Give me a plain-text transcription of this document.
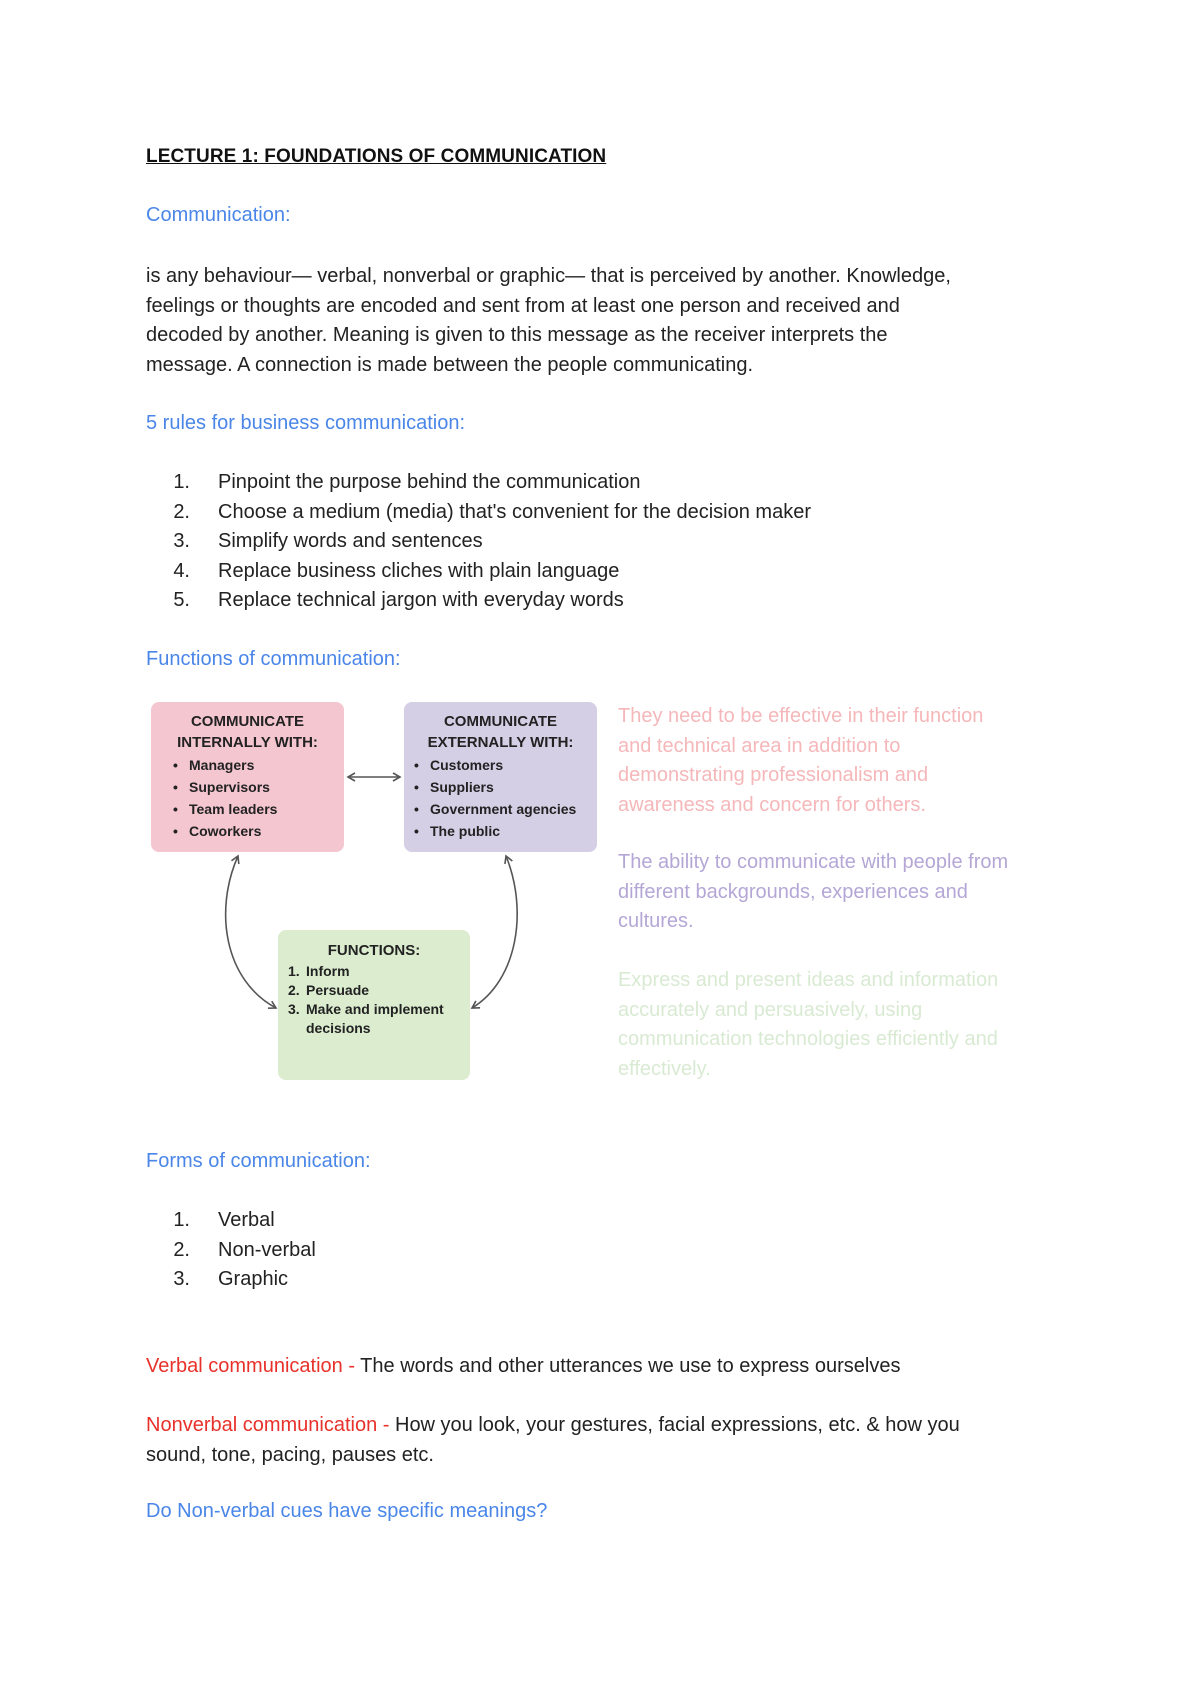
LECTURE 1: FOUNDATIONS OF COMMUNICATION
Communication:
is any behaviour— verbal, nonverbal or graphic— that is perceived by another. Knowledge,
feelings or thoughts are encoded and sent from at least one person and received and
decoded by another. Meaning is given to this message as the receiver interprets the
message. A connection is made between the people communicating.
5 rules for business communication:
1.	Pinpoint the purpose behind the communication
2.	Choose a medium (media) that's convenient for the decision maker
3.	Simplify words and sentences
4.	Replace business cliches with plain language
5.	Replace technical jargon with everyday words
Functions of communication:
COMMUNICATE
INTERNALLY WITH:
• Managers
• Supervisors
• Team leaders
• Coworkers
COMMUNICATE
EXTERNALLY WITH:
• Customers
• Suppliers
• Government agencies
• The public
FUNCTIONS:
1. Inform
2. Persuade
3. Make and implement
decisions
They need to be effective in their function
and technical area in addition to
demonstrating professionalism and
awareness and concern for others.
The ability to communicate with people from
different backgrounds, experiences and
cultures.
Express and present ideas and information
accurately and persuasively, using
communication technologies efficiently and
effectively.
Forms of communication:
1.	Verbal
2.	Non-verbal
3.	Graphic
Verbal communication - The words and other utterances we use to express ourselves
Nonverbal communication - How you look, your gestures, facial expressions, etc. & how you
sound, tone, pacing, pauses etc.
Do Non-verbal cues have specific meanings?
